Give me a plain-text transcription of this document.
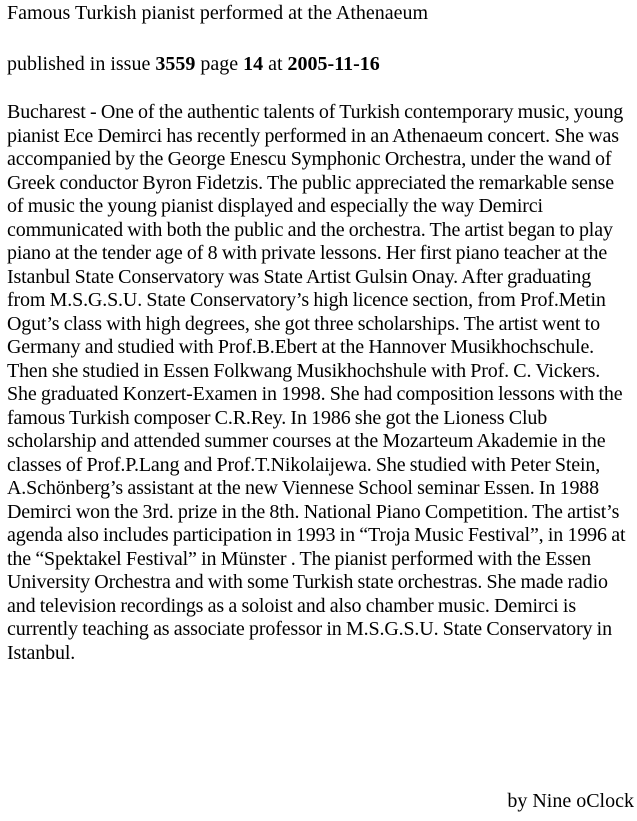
Famous Turkish pianist performed at the Athenaeum

published in issue 3559 page 14 at 2005-11-16

Bucharest - One of the authentic talents of Turkish contemporary music, young pianist Ece Demirci has recently performed in an Athenaeum concert. She was accompanied by the George Enescu Symphonic Orchestra, under the wand of Greek conductor Byron Fidetzis. The public appreciated the remarkable sense of music the young pianist displayed and especially the way Demirci communicated with both the public and the orchestra. The artist began to play piano at the tender age of 8 with private lessons. Her first piano teacher at the Istanbul State Conservatory was State Artist Gulsin Onay. After graduating from M.S.G.S.U. State Conservatory’s high licence section, from Prof.Metin Ogut’s class with high degrees, she got three scholarships. The artist went to Germany and studied with Prof.B.Ebert at the Hannover Musikhochschule. Then she studied in Essen Folkwang Musikhochshule with Prof. C. Vickers. She graduated Konzert-Examen in 1998. She had composition lessons with the famous Turkish composer C.R.Rey. In 1986 she got the Lioness Club scholarship and attended summer courses at the Mozarteum Akademie in the classes of Prof.P.Lang and Prof.T.Nikolaijewa. She studied with Peter Stein, A.Schönberg’s assistant at the new Viennese School seminar Essen. In 1988 Demirci won the 3rd. prize in the 8th. National Piano Competition. The artist’s agenda also includes participation in 1993 in “Troja Music Festival”, in 1996 at the “Spektakel Festival” in Münster . The pianist performed with the Essen University Orchestra and with some Turkish state orchestras. She made radio and television recordings as a soloist and also chamber music. Demirci is currently teaching as associate professor in M.S.G.S.U. State Conservatory in Istanbul.

by Nine oClock
